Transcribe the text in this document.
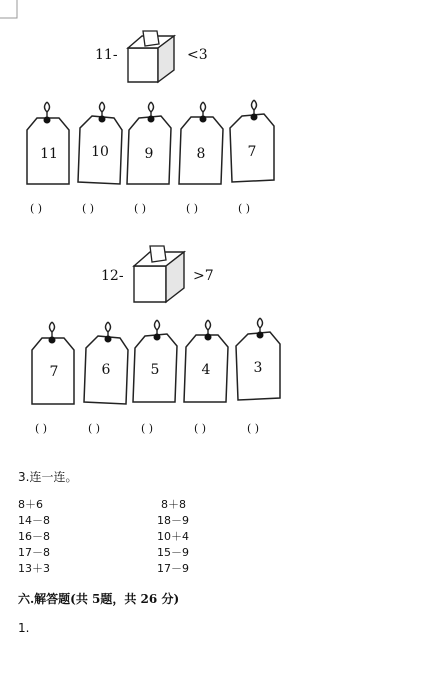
11-	<3
11	10	9	8	7
( )	( )	( )	( )	( )
12-	>7
7	6	5	4	3
( )	( )	( )	( )	( )
3.连一连。
8＋6
14－8
16－8
17－8
13＋3
8＋8
18－9
10＋4
15－9
17－9
六.解答题(共 5题，共 26 分)
1.
